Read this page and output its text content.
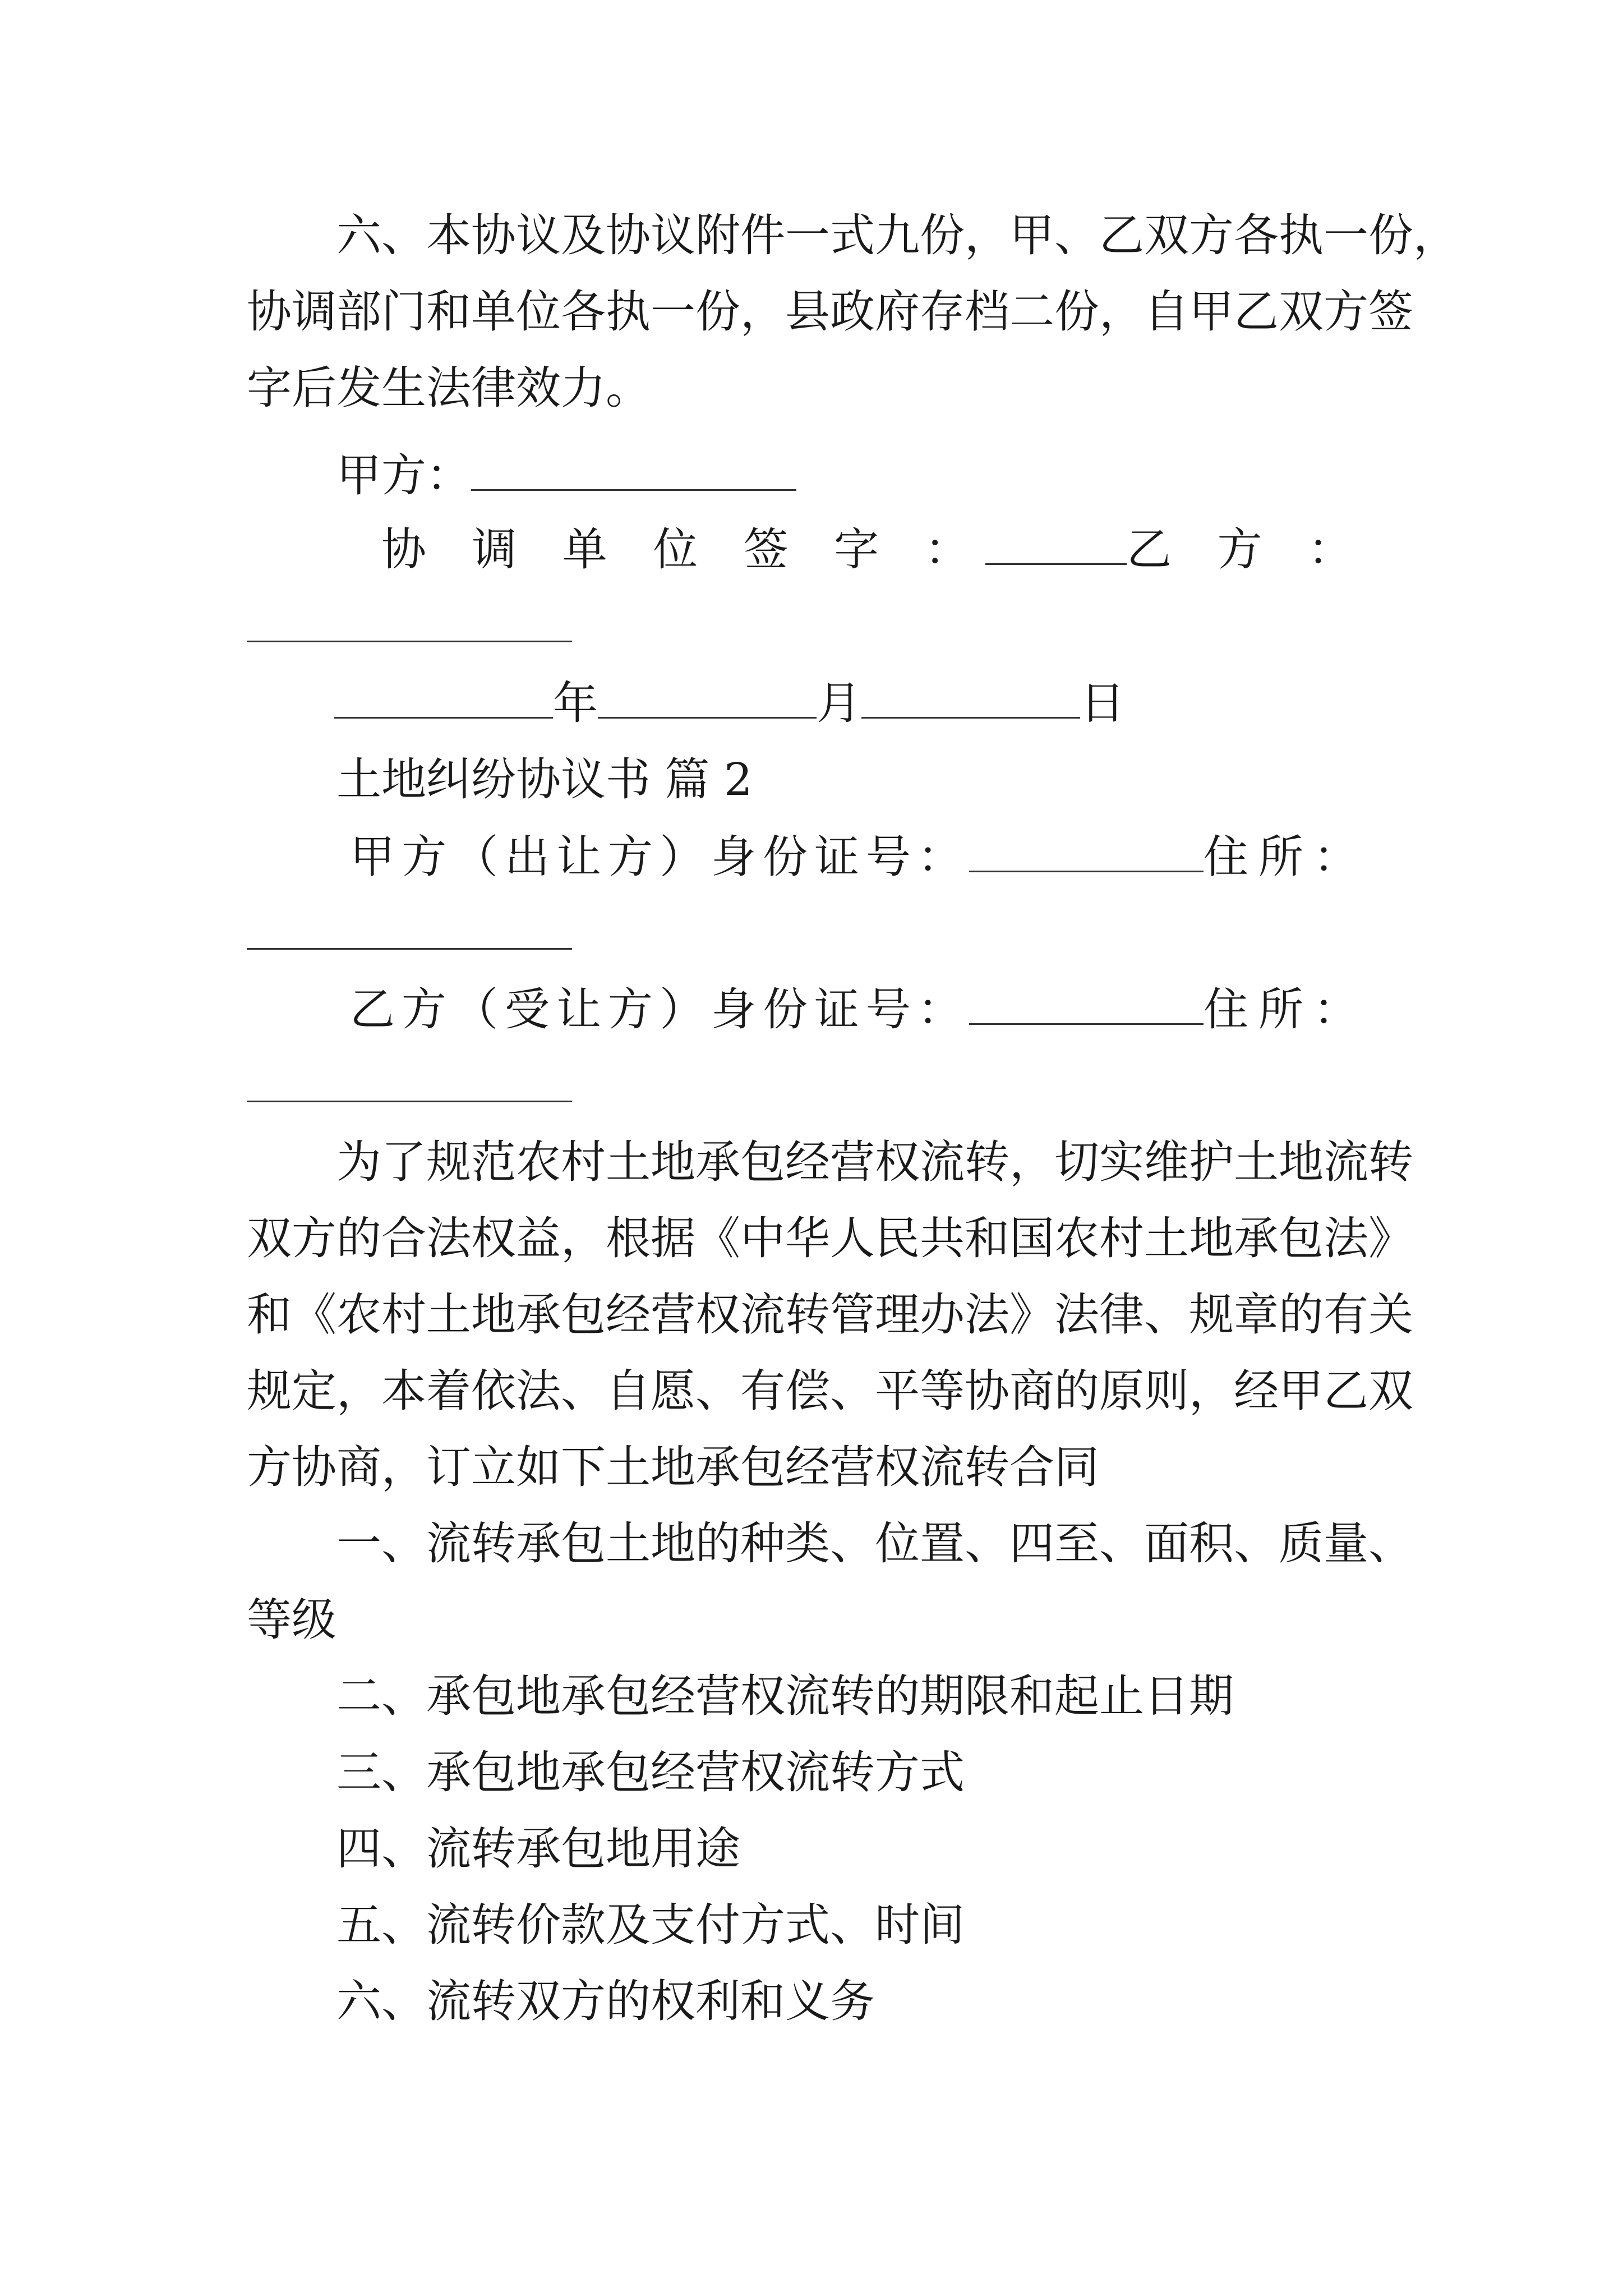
六、本协议及协议附件一式九份，甲、乙双方各执一份，
协调部门和单位各执一份，县政府存档二份，自甲乙双方签
字后发生法律效力。
甲方：
协 调 单 位 签 字 ：	乙 方 ：
年	月	日
土地纠纷协议书 篇 2
甲方（出让方）身份证号：	住所：
乙方（受让方）身份证号：	住所：
为了规范农村土地承包经营权流转，切实维护土地流转
双方的合法权益，根据《中华人民共和国农村土地承包法》
和《农村土地承包经营权流转管理办法》法律、规章的有关
规定，本着依法、自愿、有偿、平等协商的原则，经甲乙双
方协商，订立如下土地承包经营权流转合同
一、流转承包土地的种类、位置、四至、面积、质量、
等级
二、承包地承包经营权流转的期限和起止日期
三、承包地承包经营权流转方式
四、流转承包地用途
五、流转价款及支付方式、时间
六、流转双方的权利和义务
